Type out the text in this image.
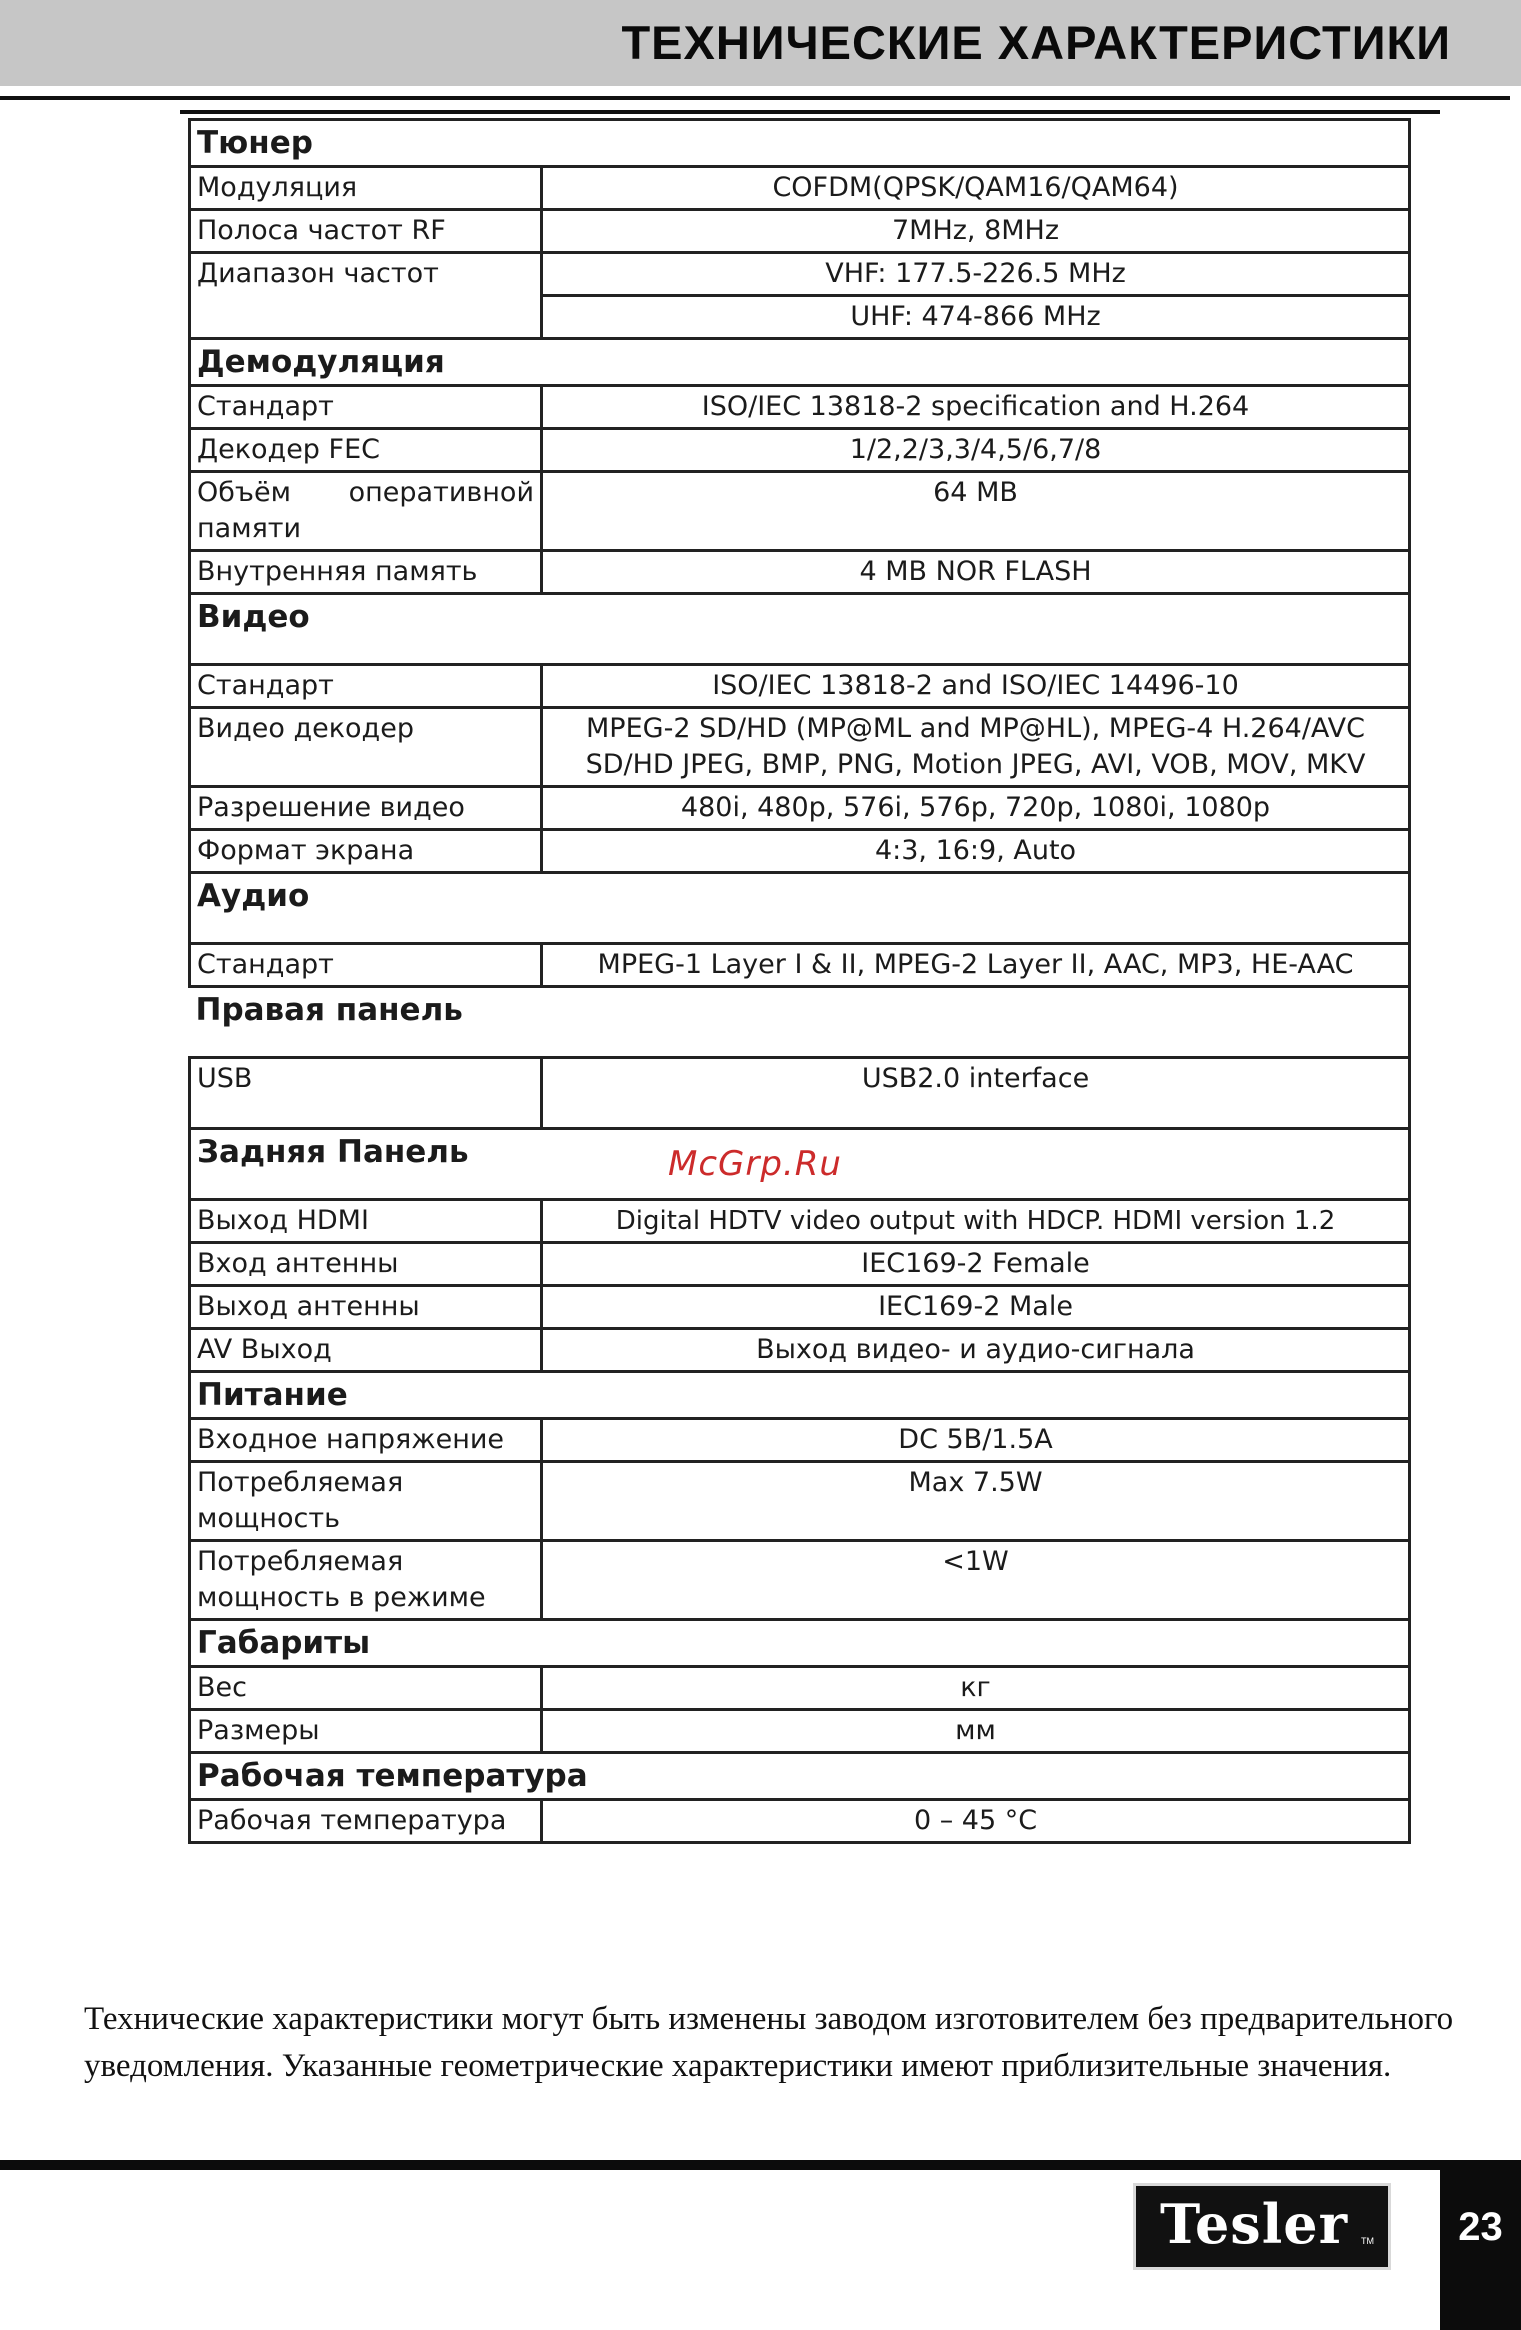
ТЕХНИЧЕСКИЕ ХАРАКТЕРИСТИКИ
Тюнер	
Модуляция	COFDM(QPSK/QAM16/QAM64)
Полоса частот RF	7MHz, 8MHz
Диапазон частот	VHF: 177.5-226.5 MHz
	UHF: 474-866 MHz
Демодуляция	
Стандарт	ISO/IEC 13818-2 specification and H.264
Декодер FEC	1/2,2/3,3/4,5/6,7/8
Объём оперативной памяти	64 MB
Внутренняя память	4 MB NOR FLASH
Видео	
Стандарт	ISO/IEC 13818-2 and ISO/IEC 14496-10
Видео декодер	MPEG-2 SD/HD (MP@ML and MP@HL), MPEG-4 H.264/AVC SD/HD JPEG, BMP, PNG, Motion JPEG, AVI, VOB, MOV, MKV
Разрешение видео	480i, 480p, 576i, 576p, 720p, 1080i, 1080p
Формат экрана	4:3, 16:9, Auto
Аудио	
Стандарт	MPEG-1 Layer I & II, MPEG-2 Layer II, AAC, MP3, HE-AAC
Правая панель	
USB	USB2.0 interface
Задняя Панель	
Выход HDMI	Digital HDTV video output with HDCP. HDMI version 1.2
Вход антенны	IEC169-2 Female
Выход антенны	IEC169-2 Male
AV Выход	Выход видео- и аудио-сигнала
Питание	
Входное напряжение	DC 5В/1.5A
Потребляемая мощность	Max 7.5W
Потребляемая мощность в режиме	<1W
Габариты	
Вес	кг
Размеры	мм
Рабочая температура	
Рабочая температура	0 – 45 °C
McGrp.Ru
Технические характеристики могут быть изменены заводом изготовителем без предварительного уведомления. Указанные геометрические характеристики имеют приблизительные значения.
Tesler	TM	23
